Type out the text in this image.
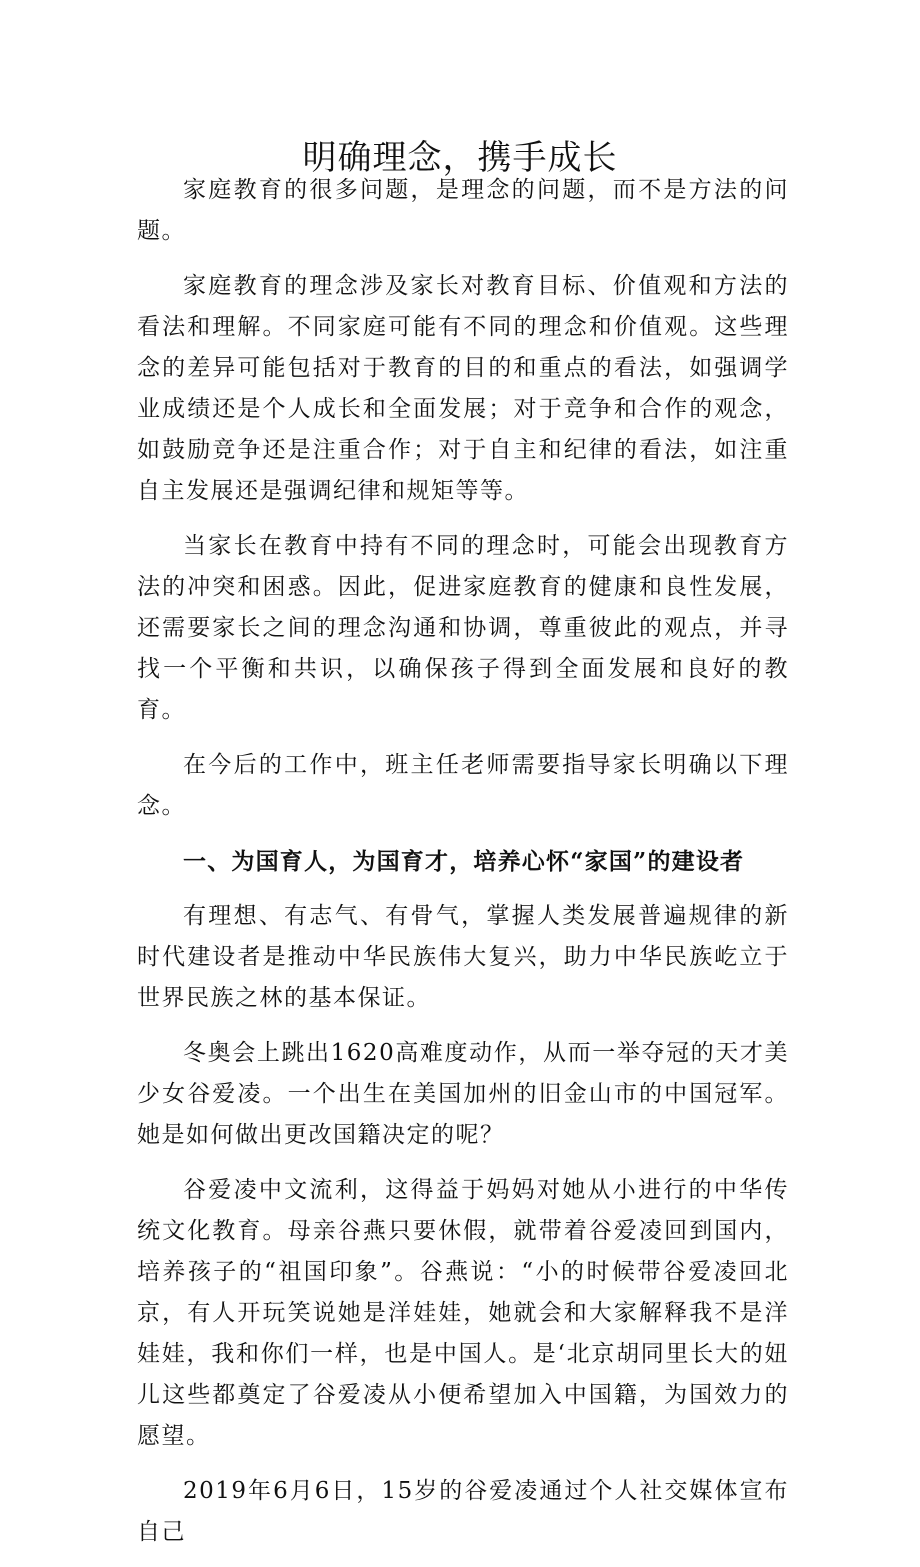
明确理念，携手成长

家庭教育的很多问题，是理念的问题，而不是方法的问题。

家庭教育的理念涉及家长对教育目标、价值观和方法的看法和理解。不同家庭可能有不同的理念和价值观。这些理念的差异可能包括对于教育的目的和重点的看法，如强调学业成绩还是个人成长和全面发展；对于竞争和合作的观念，如鼓励竞争还是注重合作；对于自主和纪律的看法，如注重自主发展还是强调纪律和规矩等等。

当家长在教育中持有不同的理念时，可能会出现教育方法的冲突和困惑。因此，促进家庭教育的健康和良性发展，还需要家长之间的理念沟通和协调，尊重彼此的观点，并寻找一个平衡和共识，以确保孩子得到全面发展和良好的教育。

在今后的工作中，班主任老师需要指导家长明确以下理念。

一、为国育人，为国育才，培养心怀“家国”的建设者

有理想、有志气、有骨气，掌握人类发展普遍规律的新时代建设者是推动中华民族伟大复兴，助力中华民族屹立于世界民族之林的基本保证。

冬奥会上跳出1620高难度动作，从而一举夺冠的天才美少女谷爱凌。一个出生在美国加州的旧金山市的中国冠军。她是如何做出更改国籍决定的呢？

谷爱凌中文流利，这得益于妈妈对她从小进行的中华传统文化教育。母亲谷燕只要休假，就带着谷爱凌回到国内，培养孩子的“祖国印象”。谷燕说：“小的时候带谷爱凌回北京，有人开玩笑说她是洋娃娃，她就会和大家解释我不是洋娃娃，我和你们一样，也是中国人。是‘北京胡同里长大的妞儿这些都奠定了谷爱凌从小便希望加入中国籍，为国效力的愿望。

2019年6月6日，15岁的谷爱凌通过个人社交媒体宣布自己
